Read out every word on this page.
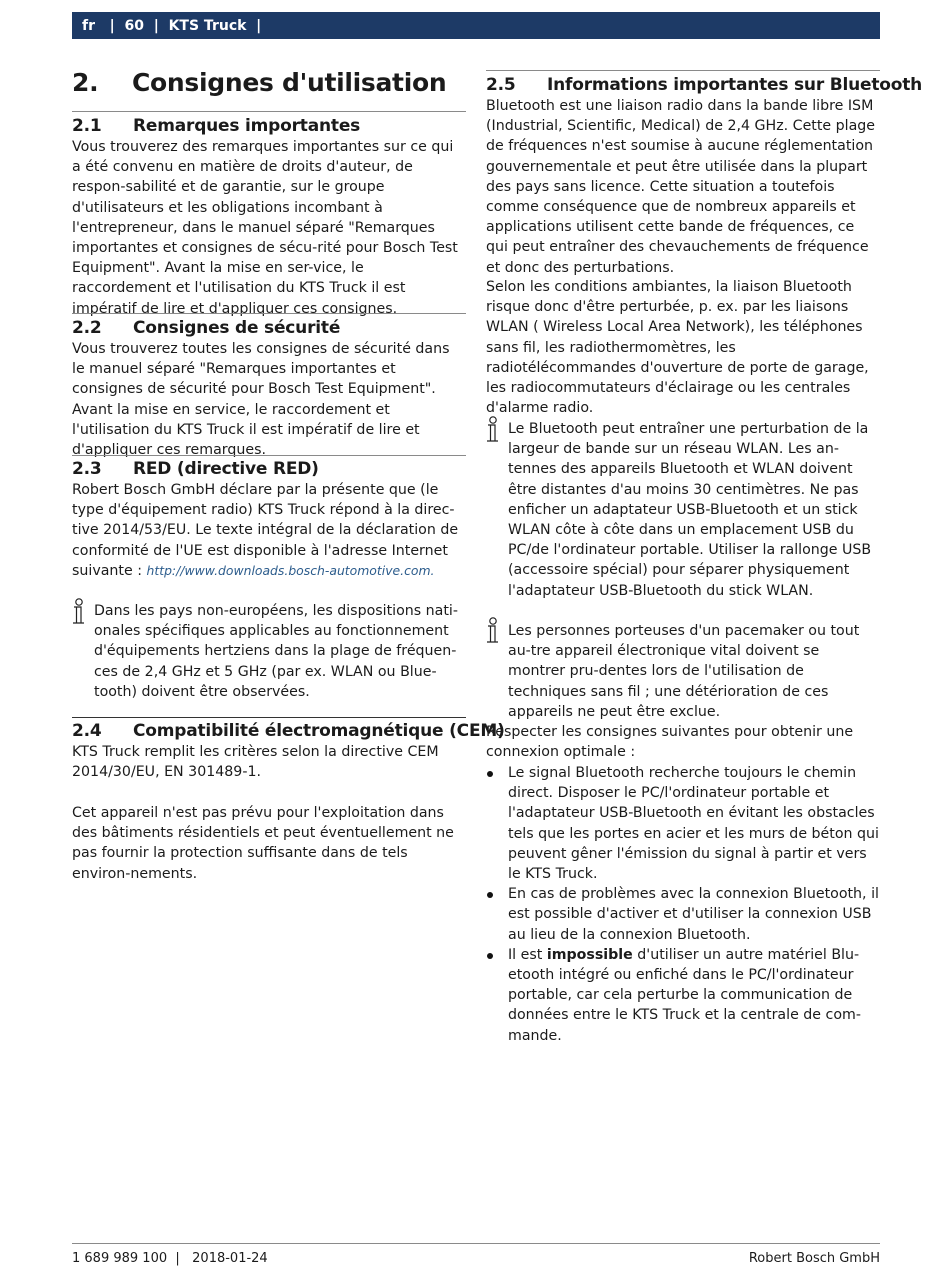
fr | 60 | KTS Truck |
2. Consignes d'utilisation
2.1 Remarques importantes

Vous trouverez des remarques importantes sur ce qui a été convenu en matière de droits d'auteur, de respon-sabilité et de garantie, sur le groupe d'utilisateurs et les obligations incombant à l'entrepreneur, dans le manuel séparé "Remarques importantes et consignes de sécu-rité pour Bosch Test Equipment". Avant la mise en ser-vice, le raccordement et l'utilisation du KTS Truck il est impératif de lire et d'appliquer ces consignes.

2.2 Consignes de sécurité

Vous trouverez toutes les consignes de sécurité dans le manuel séparé "Remarques importantes et consignes de sécurité pour Bosch Test Equipment". Avant la mise en service, le raccordement et l'utilisation du KTS Truck il est impératif de lire et d'appliquer ces remarques.

2.3 RED (directive RED)

Robert Bosch GmbH déclare par la présente que (le type d'équipement radio) KTS Truck répond à la direc-tive 2014/53/EU. Le texte intégral de la déclaration de conformité de l'UE est disponible à l'adresse Internet suivante : http://www.downloads.bosch-automotive.com.

Dans les pays non-européens, les dispositions nati-onales spécifiques applicables au fonctionnement d'équipements hertziens dans la plage de fréquen-ces de 2,4 GHz et 5 GHz (par ex. WLAN ou Blue-tooth) doivent être observées.

2.4 Compatibilité électromagnétique (CEM)

KTS Truck remplit les critères selon la directive CEM 2014/30/EU, EN 301489-1.

Cet appareil n'est pas prévu pour l'exploitation dans des bâtiments résidentiels et peut éventuellement ne pas fournir la protection suffisante dans de tels environ-nements.

2.5 Informations importantes sur Bluetooth

Bluetooth est une liaison radio dans la bande libre ISM (Industrial, Scientific, Medical) de 2,4 GHz. Cette plage de fréquences n'est soumise à aucune réglementation gouvernementale et peut être utilisée dans la plupart des pays sans licence. Cette situation a toutefois comme conséquence que de nombreux appareils et applications utilisent cette bande de fréquences, ce qui peut entraîner des chevauchements de fréquence et donc des perturbations.

Selon les conditions ambiantes, la liaison Bluetooth risque donc d'être perturbée, p. ex. par les liaisons WLAN ( Wireless Local Area Network), les téléphones sans fil, les radiothermomètres, les radiotélécommandes d'ouverture de porte de garage, les radiocommutateurs d'éclairage ou les centrales d'alarme radio.

Le Bluetooth peut entraîner une perturbation de la largeur de bande sur un réseau WLAN. Les an-tennes des appareils Bluetooth et WLAN doivent être distantes d'au moins 30 centimètres. Ne pas enficher un adaptateur USB-Bluetooth et un stick WLAN côte à côte dans un emplacement USB du PC/de l'ordinateur portable. Utiliser la rallonge USB (accessoire spécial) pour séparer physiquement l'adaptateur USB-Bluetooth du stick WLAN.

Les personnes porteuses d'un pacemaker ou tout au-tre appareil électronique vital doivent se montrer pru-dentes lors de l'utilisation de techniques sans fil ; une détérioration de ces appareils ne peut être exclue.

Respecter les consignes suivantes pour obtenir une connexion optimale :

Le signal Bluetooth recherche toujours le chemin direct. Disposer le PC/l'ordinateur portable et l'adaptateur USB-Bluetooth en évitant les obstacles tels que les portes en acier et les murs de béton qui peuvent gêner l'émission du signal à partir et vers le KTS Truck.
En cas de problèmes avec la connexion Bluetooth, il est possible d'activer et d'utiliser la connexion USB au lieu de la connexion Bluetooth.
Il est impossible d'utiliser un autre matériel Blu-etooth intégré ou enfiché dans le PC/l'ordinateur portable, car cela perturbe la communication de données entre le KTS Truck et la centrale de com-mande.
1 689 989 100  |   2018-01-24	Robert Bosch GmbH
